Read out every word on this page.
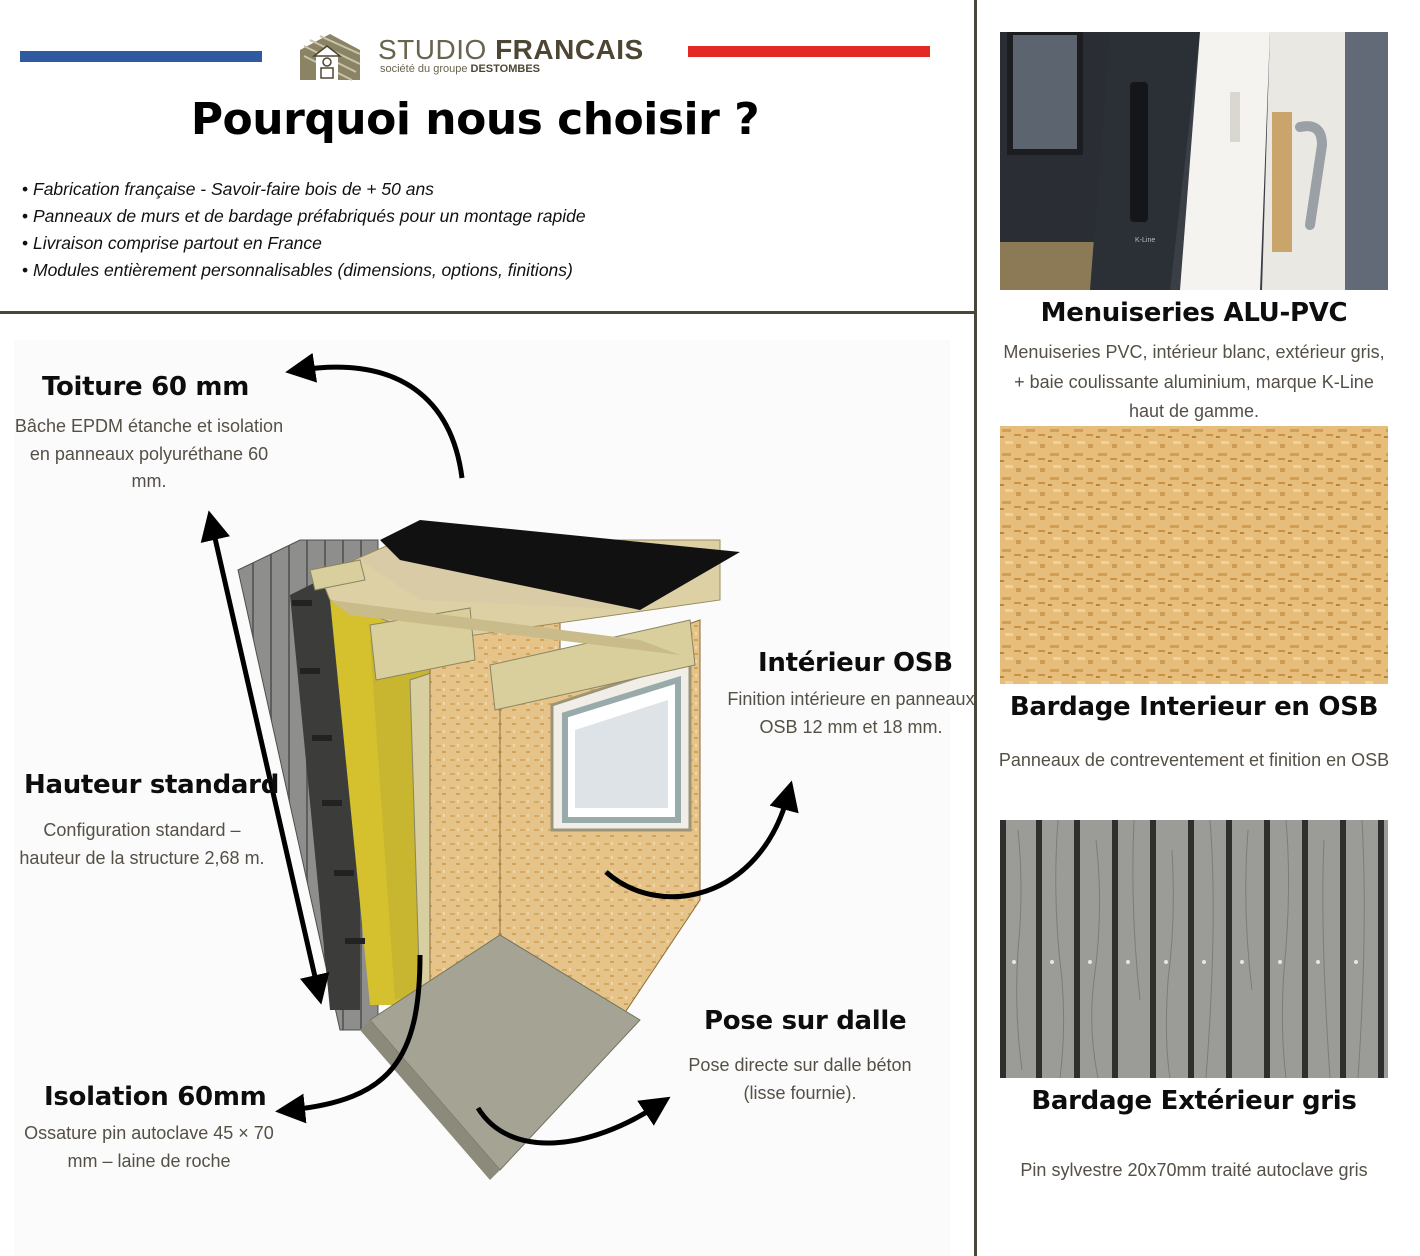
STUDIO FRANCAIS
société du groupe DESTOMBES
Pourquoi nous choisir ?
• Fabrication française - Savoir-faire bois de + 50 ans
• Panneaux de murs et de bardage préfabriqués pour un montage rapide
• Livraison comprise partout en France
• Modules entièrement personnalisables (dimensions, options, finitions)
Toiture 60 mm
Bâche EPDM étanche et isolation en panneaux polyuréthane 60 mm.
Hauteur standard
Configuration standard – hauteur de la structure 2,68 m.
Isolation 60mm
Ossature pin autoclave 45 × 70 mm – laine de roche
Intérieur OSB
Finition intérieure en panneaux OSB 12 mm et 18 mm.
Pose sur dalle
Pose directe sur dalle béton (lisse fournie).
K-Line
Menuiseries ALU-PVC
Menuiseries PVC, intérieur blanc, extérieur gris, + baie coulissante aluminium, marque K-Line haut de gamme.
Bardage Interieur en OSB
Panneaux de contreventement et finition en OSB
Bardage Extérieur gris
Pin sylvestre 20x70mm traité autoclave gris
